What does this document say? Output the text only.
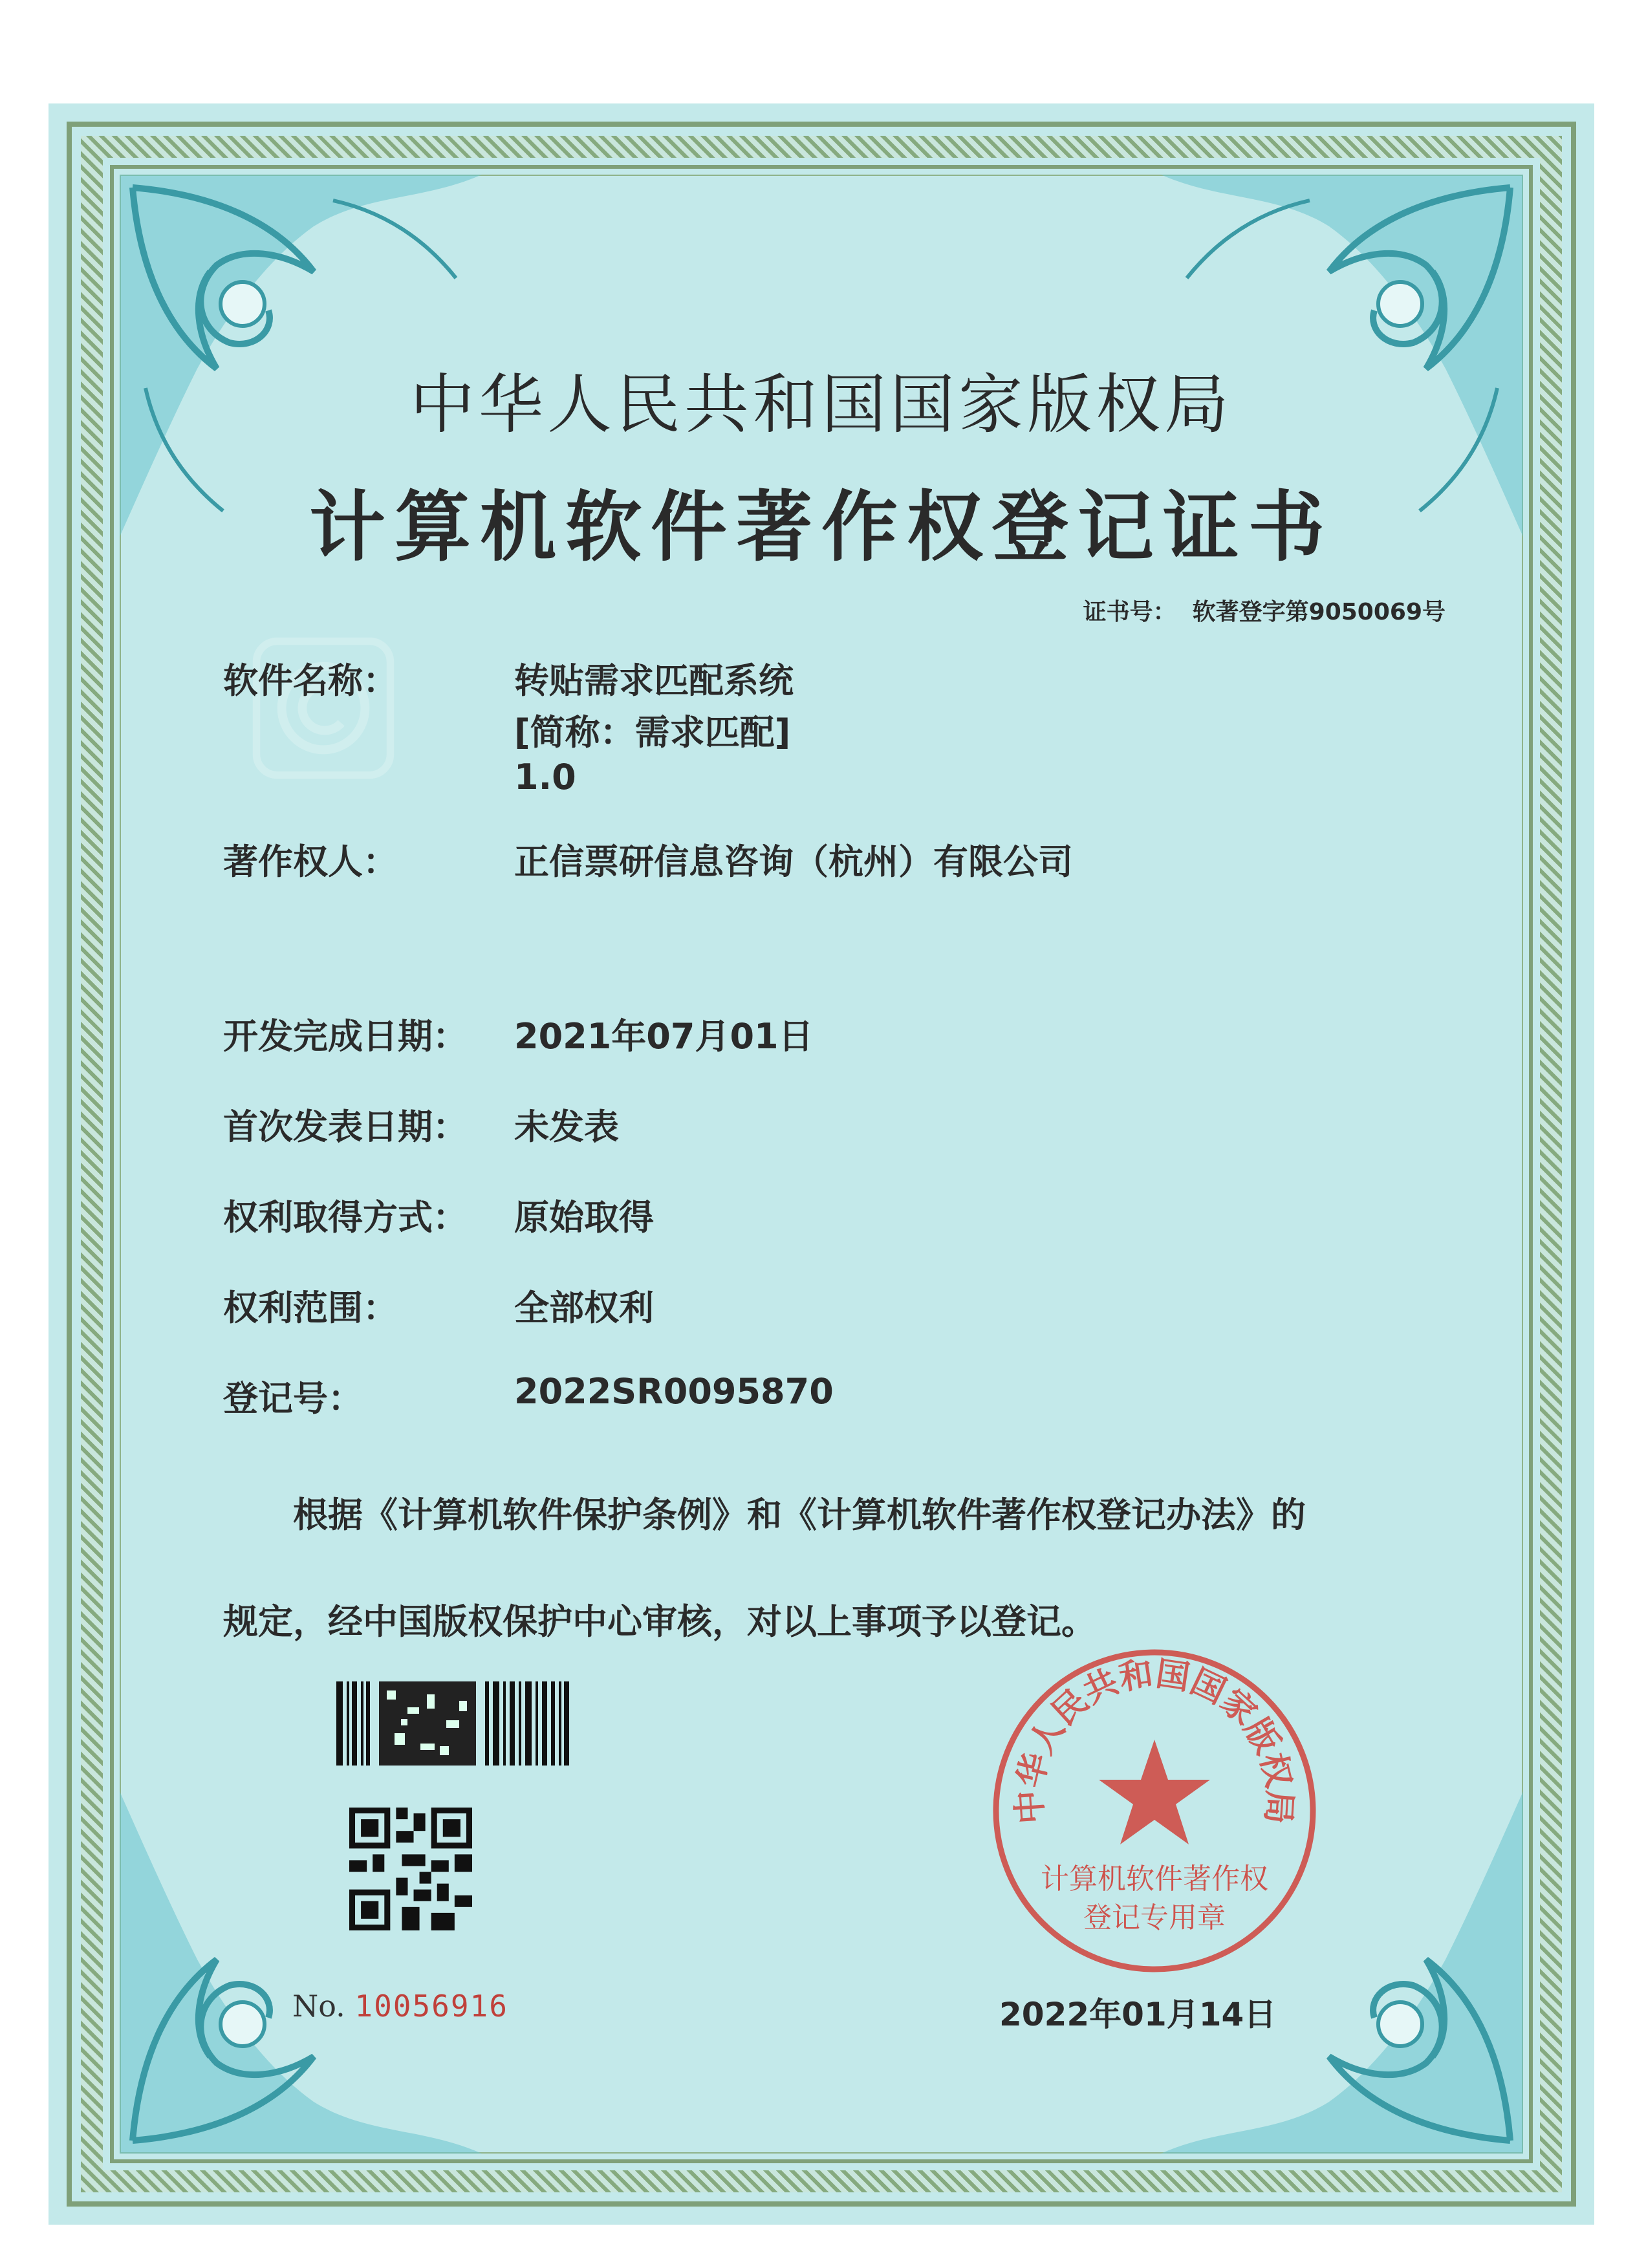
中华人民共和国国家版权局
计算机软件著作权登记证书
证书号： 软著登字第9050069号
软件名称：	转贴需求匹配系统
[简称：需求匹配]
1.0
著作权人：	正信票研信息咨询（杭州）有限公司
开发完成日期： 2021年07月01日
首次发表日期： 未发表
权利取得方式： 原始取得
权利范围：	全部权利
登记号：	2022SR0095870
根据《计算机软件保护条例》和《计算机软件著作权登记办法》的
规定，经中国版权保护中心审核，对以上事项予以登记。
No. 10056916
中华人民共和国国家版权局
计算机软件著作权
登记专用章
2022年01月14日
